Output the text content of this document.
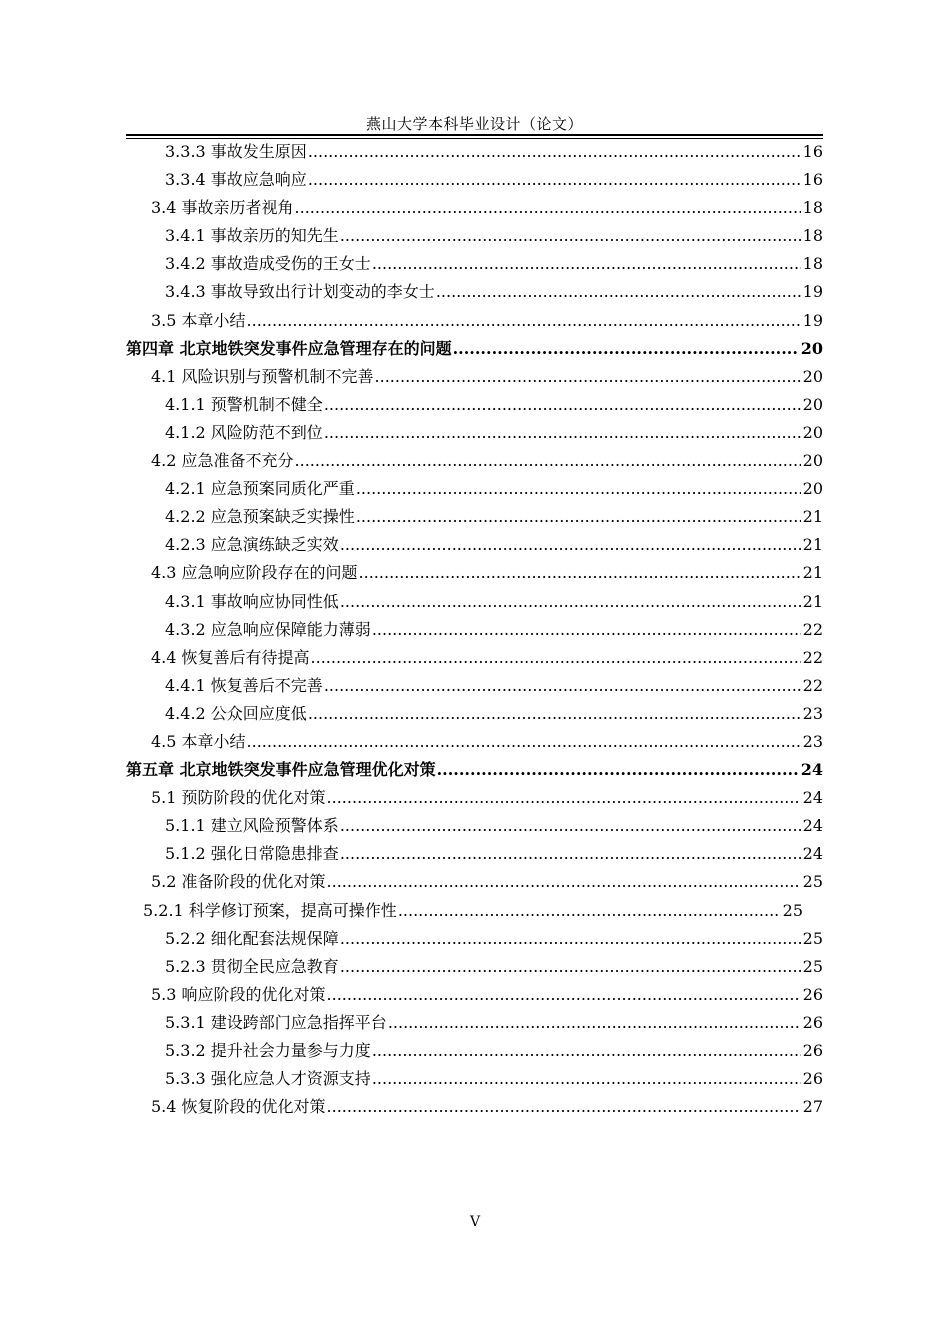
燕山大学本科毕业设计（论文）
3.3.3 事故发生原因 .....	16
3.3.4 事故应急响应 .....	16
3.4 事故亲历者视角 .....	18
3.4.1 事故亲历的知先生 .....	18
3.4.2 事故造成受伤的王女士 .....	18
3.4.3 事故导致出行计划变动的李女士 .....	19
3.5 本章小结 .....	19
第四章 北京地铁突发事件应急管理存在的问题 .....	20
4.1 风险识别与预警机制不完善 .....	20
4.1.1 预警机制不健全 .....	20
4.1.2 风险防范不到位 .....	20
4.2 应急准备不充分 .....	20
4.2.1 应急预案同质化严重 .....	20
4.2.2 应急预案缺乏实操性 .....	21
4.2.3 应急演练缺乏实效 .....	21
4.3 应急响应阶段存在的问题 .....	21
4.3.1 事故响应协同性低 .....	21
4.3.2 应急响应保障能力薄弱 .....	22
4.4 恢复善后有待提高 .....	22
4.4.1 恢复善后不完善 .....	22
4.4.2 公众回应度低 .....	23
4.5 本章小结 .....	23
第五章 北京地铁突发事件应急管理优化对策 .....	24
5.1 预防阶段的优化对策 .....	24
5.1.1 建立风险预警体系 .....	24
5.1.2 强化日常隐患排查 .....	24
5.2 准备阶段的优化对策 .....	25
5.2.1 科学修订预案，提高可操作性 .....	25
5.2.2 细化配套法规保障 .....	25
5.2.3 贯彻全民应急教育 .....	25
5.3 响应阶段的优化对策 .....	26
5.3.1 建设跨部门应急指挥平台 .....	26
5.3.2 提升社会力量参与力度 .....	26
5.3.3 强化应急人才资源支持 .....	26
5.4 恢复阶段的优化对策 .....	27
V
